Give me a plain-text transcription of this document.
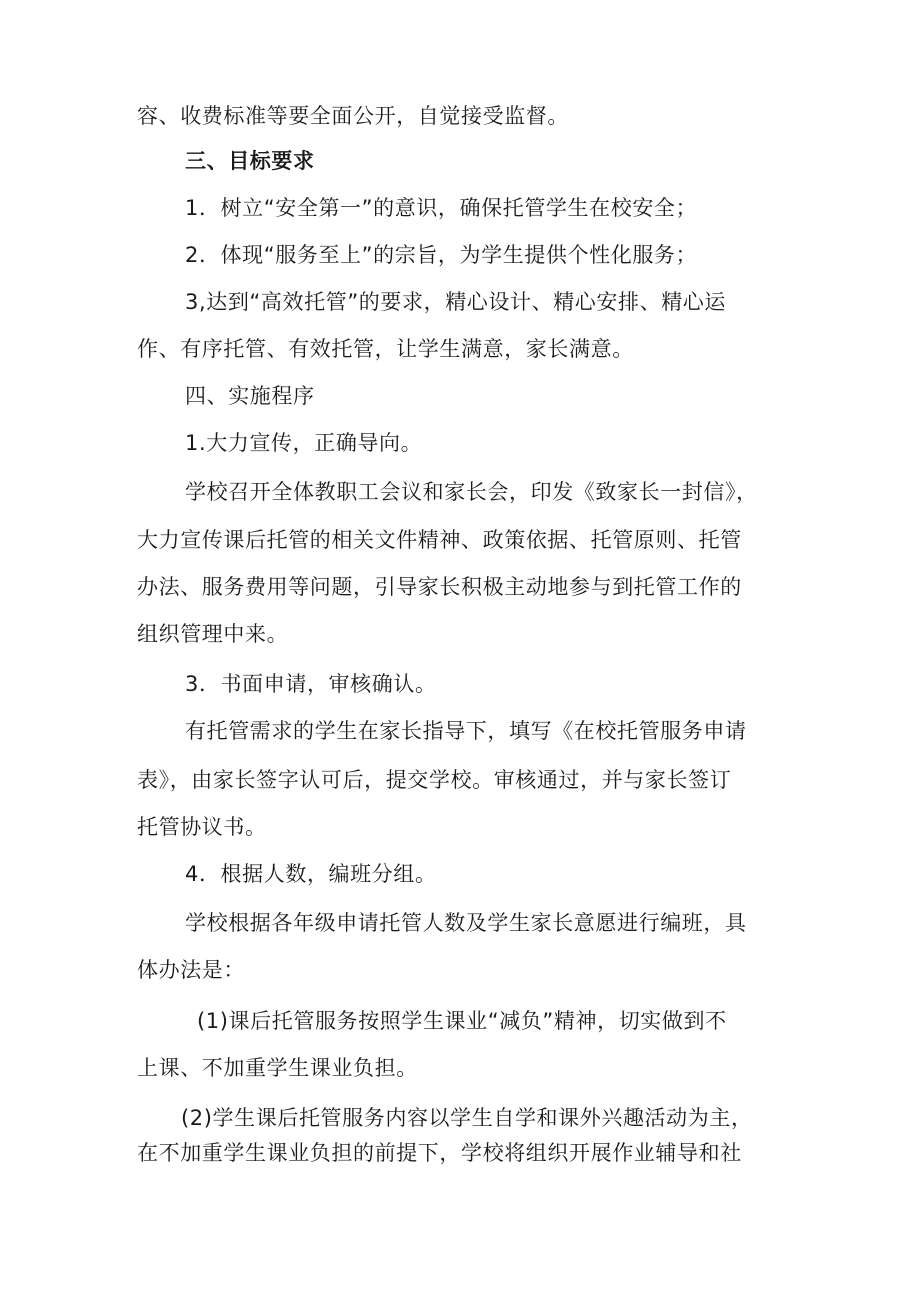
容、收费标准等要全面公开，自觉接受监督。
三、目标要求
1．树立“安全第一”的意识，确保托管学生在校安全；
2．体现“服务至上”的宗旨，为学生提供个性化服务；
3,达到“高效托管”的要求，精心设计、精心安排、精心运
作、有序托管、有效托管，让学生满意，家长满意。
四、实施程序
1.大力宣传，正确导向。
学校召开全体教职工会议和家长会，印发《致家长一封信》，
大力宣传课后托管的相关文件精神、政策依据、托管原则、托管
办法、服务费用等问题，引导家长积极主动地参与到托管工作的
组织管理中来。
3．书面申请，审核确认。
有托管需求的学生在家长指导下，填写《在校托管服务申请
表》，由家长签字认可后，提交学校。审核通过，并与家长签订
托管协议书。
4．根据人数，编班分组。
学校根据各年级申请托管人数及学生家长意愿进行编班，具
体办法是：
(1)课后托管服务按照学生课业“减负”精神，切实做到不
上课、不加重学生课业负担。
(2)学生课后托管服务内容以学生自学和课外兴趣活动为主，
在不加重学生课业负担的前提下，学校将组织开展作业辅导和社
